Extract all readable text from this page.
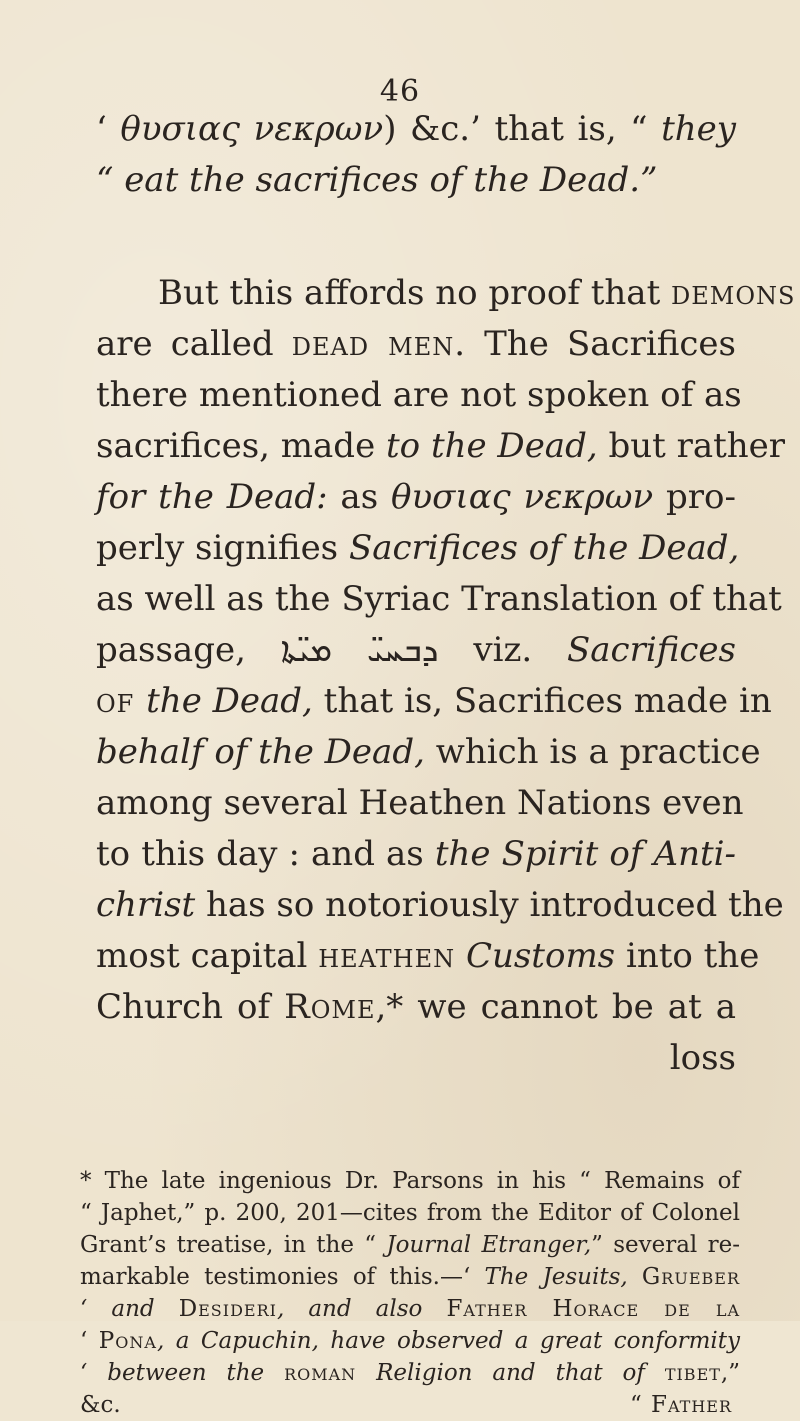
46
‘ θυσιας νεκρων) &c.’ that is, “ they
“ eat the sacrifices of the Dead.”
But this affords no proof that demons
are called dead men. The Sacrifices
there mentioned are not spoken of as
sacrifices, made to the Dead, but rather
for the Dead: as θυσιας νεκρων pro-
perly signifies Sacrifices of the Dead,
as well as the Syriac Translation of that
passage, ܕܒܚܝ̈ ܡܝ̈ܬܐ viz. Sacrifices
of the Dead, that is, Sacrifices made in
behalf of the Dead, which is a practice
among several Heathen Nations even
to this day : and as the Spirit of Anti-
christ has so notoriously introduced the
most capital heathen Customs into the
Church of Rome,* we cannot be at a
loss
* The late ingenious Dr. Parsons in his “ Remains of
“ Japhet,” p. 200, 201—cites from the Editor of Colonel
Grant’s treatise, in the “ Journal Etranger,” several re-
markable testimonies of this.—‘ The Jesuits, Grueber
‘ and Desideri, and also Father Horace de la
‘ Pona, a Capuchin, have observed a great conformity
‘ between the roman Religion and that of tibet,”
&c.	“ Father
